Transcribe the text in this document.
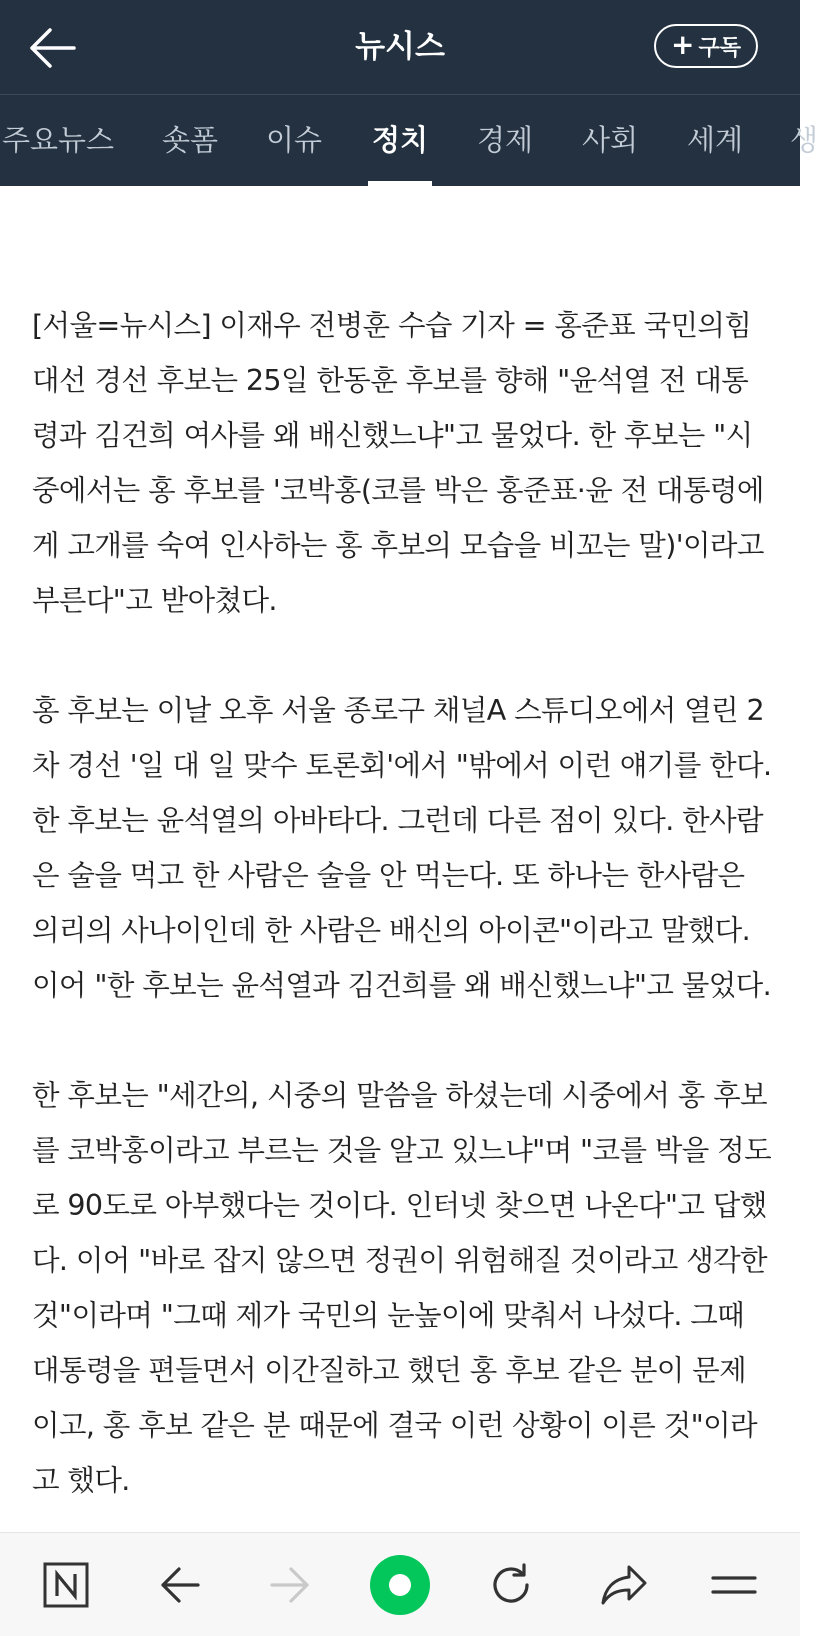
뉴시스	+ 구독
주요뉴스 숏폼 이슈 정치 경제 사회 세계 생

[서울=뉴시스] 이재우 전병훈 수습 기자 = 홍준표 국민의힘 대선 경선 후보는 25일 한동훈 후보를 향해 "윤석열 전 대통령과 김건희 여사를 왜 배신했느냐"고 물었다. 한 후보는 "시중에서는 홍 후보를 '코박홍(코를 박은 홍준표·윤 전 대통령에게 고개를 숙여 인사하는 홍 후보의 모습을 비꼬는 말)'이라고 부른다"고 받아쳤다.

홍 후보는 이날 오후 서울 종로구 채널A 스튜디오에서 열린 2차 경선 '일 대 일 맞수 토론회'에서 "밖에서 이런 얘기를 한다. 한 후보는 윤석열의 아바타다. 그런데 다른 점이 있다. 한사람은 술을 먹고 한 사람은 술을 안 먹는다. 또 하나는 한사람은 의리의 사나이인데 한 사람은 배신의 아이콘"이라고 말했다. 이어 "한 후보는 윤석열과 김건희를 왜 배신했느냐"고 물었다.

한 후보는 "세간의, 시중의 말씀을 하셨는데 시중에서 홍 후보를 코박홍이라고 부르는 것을 알고 있느냐"며 "코를 박을 정도로 90도로 아부했다는 것이다. 인터넷 찾으면 나온다"고 답했다. 이어 "바로 잡지 않으면 정권이 위험해질 것이라고 생각한 것"이라며 "그때 제가 국민의 눈높이에 맞춰서 나섰다. 그때 대통령을 편들면서 이간질하고 했던 홍 후보 같은 분이 문제이고, 홍 후보 같은 분 때문에 결국 이런 상황이 이른 것"이라고 했다.
